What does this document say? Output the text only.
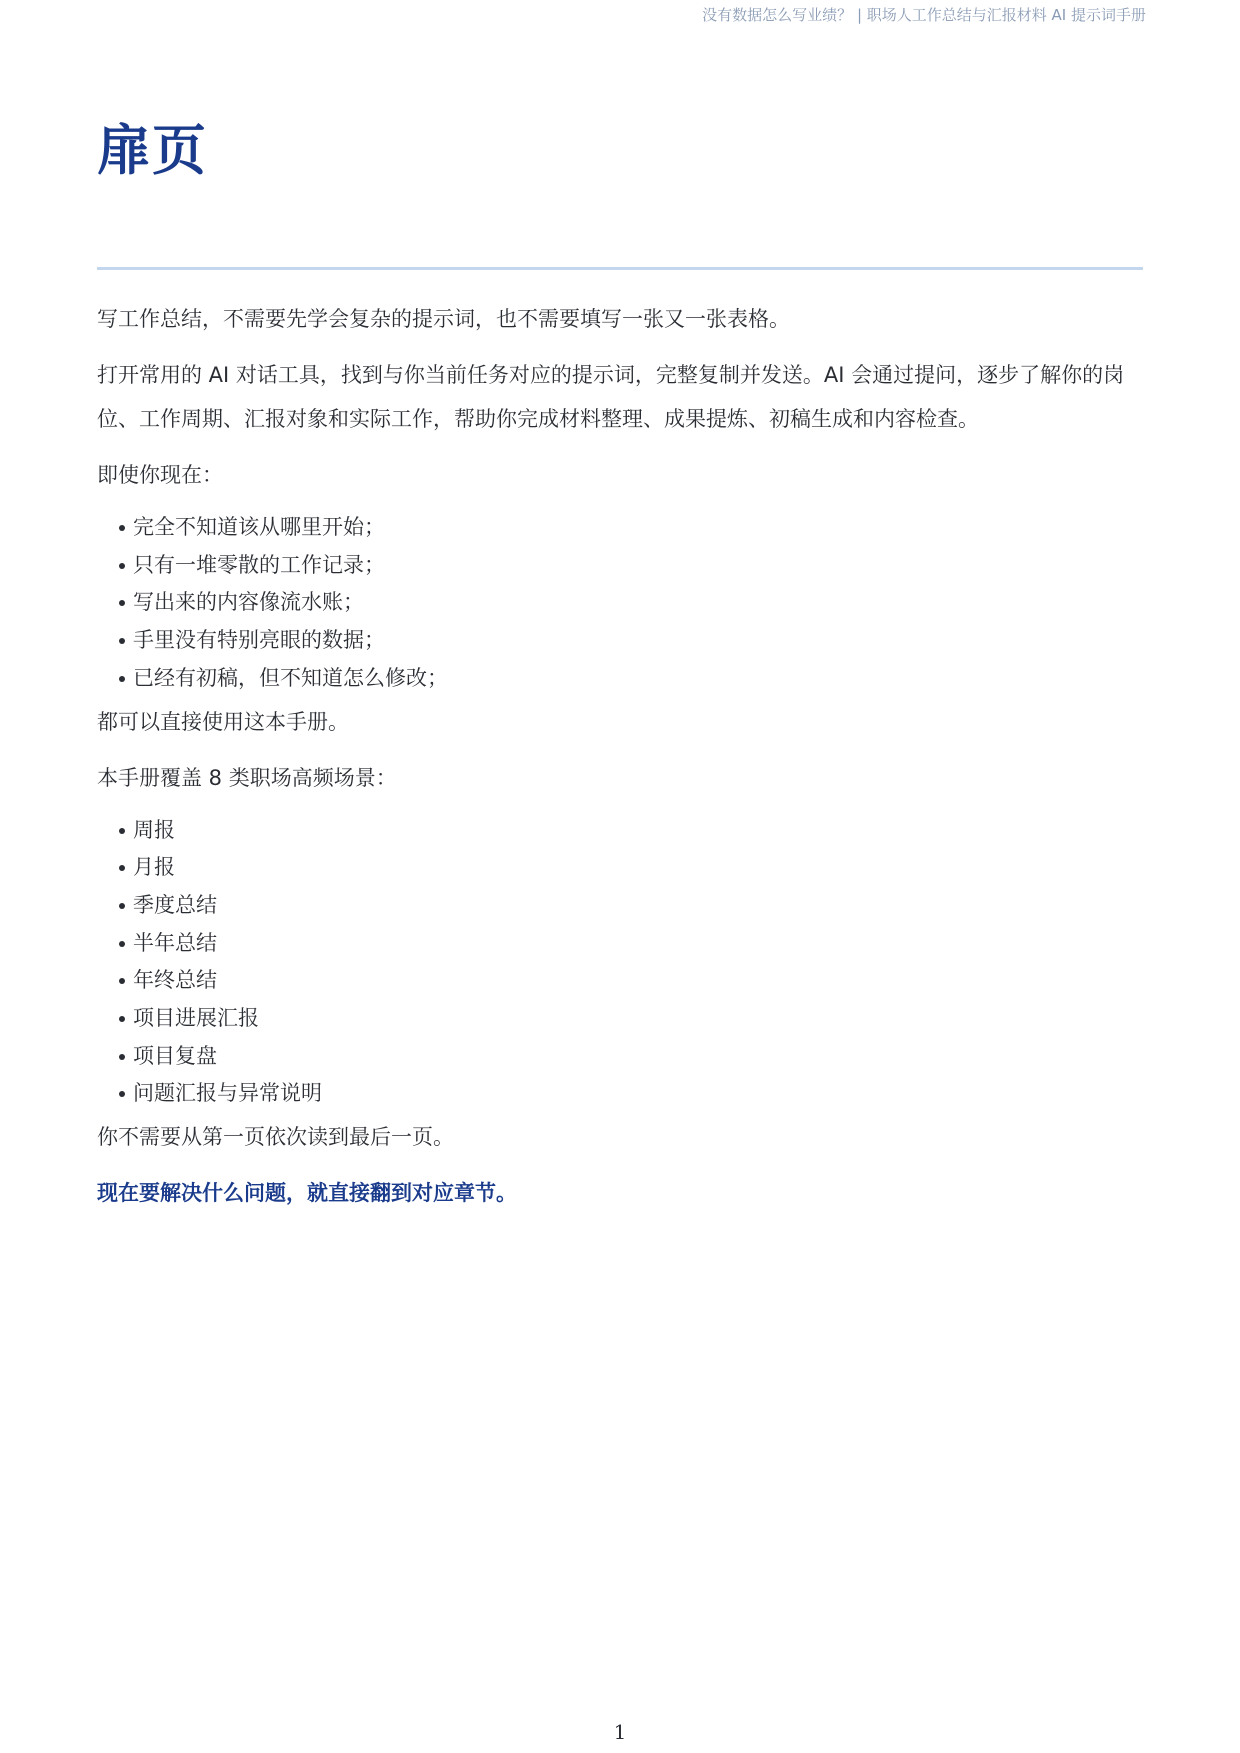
没有数据怎么写业绩？ | 职场人工作总结与汇报材料 AI 提示词手册
扉页

写工作总结，不需要先学会复杂的提示词，也不需要填写一张又一张表格。

打开常用的 AI 对话工具，找到与你当前任务对应的提示词，完整复制并发送。AI 会通过提问，逐步了解你的岗位、工作周期、汇报对象和实际工作，帮助你完成材料整理、成果提炼、初稿生成和内容检查。

即使你现在：

完全不知道该从哪里开始；
只有一堆零散的工作记录；
写出来的内容像流水账；
手里没有特别亮眼的数据；
已经有初稿，但不知道怎么修改；

都可以直接使用这本手册。

本手册覆盖 8 类职场高频场景：

周报
月报
季度总结
半年总结
年终总结
项目进展汇报
项目复盘
问题汇报与异常说明

你不需要从第一页依次读到最后一页。

现在要解决什么问题，就直接翻到对应章节。

1
